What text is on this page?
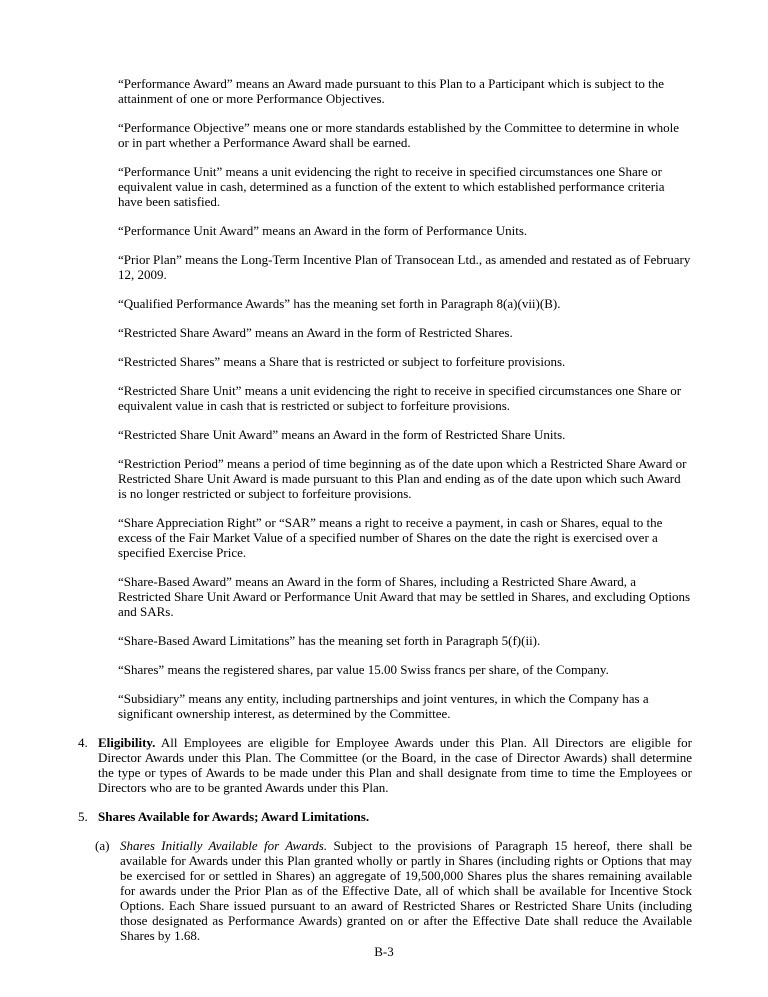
“Performance Award” means an Award made pursuant to this Plan to a Participant which is subject to the attainment of one or more Performance Objectives.

“Performance Objective” means one or more standards established by the Committee to determine in whole or in part whether a Performance Award shall be earned.

“Performance Unit” means a unit evidencing the right to receive in specified circumstances one Share or equivalent value in cash, determined as a function of the extent to which established performance criteria have been satisfied.

“Performance Unit Award” means an Award in the form of Performance Units.

“Prior Plan” means the Long-Term Incentive Plan of Transocean Ltd., as amended and restated as of February 12, 2009.

“Qualified Performance Awards” has the meaning set forth in Paragraph 8(a)(vii)(B).

“Restricted Share Award” means an Award in the form of Restricted Shares.

“Restricted Shares” means a Share that is restricted or subject to forfeiture provisions.

“Restricted Share Unit” means a unit evidencing the right to receive in specified circumstances one Share or equivalent value in cash that is restricted or subject to forfeiture provisions.

“Restricted Share Unit Award” means an Award in the form of Restricted Share Units.

“Restriction Period” means a period of time beginning as of the date upon which a Restricted Share Award or Restricted Share Unit Award is made pursuant to this Plan and ending as of the date upon which such Award is no longer restricted or subject to forfeiture provisions.

“Share Appreciation Right” or “SAR” means a right to receive a payment, in cash or Shares, equal to the excess of the Fair Market Value of a specified number of Shares on the date the right is exercised over a specified Exercise Price.

“Share-Based Award” means an Award in the form of Shares, including a Restricted Share Award, a Restricted Share Unit Award or Performance Unit Award that may be settled in Shares, and excluding Options and SARs.

“Share-Based Award Limitations” has the meaning set forth in Paragraph 5(f)(ii).

“Shares” means the registered shares, par value 15.00 Swiss francs per share, of the Company.

“Subsidiary” means any entity, including partnerships and joint ventures, in which the Company has a significant ownership interest, as determined by the Committee.

4. Eligibility. All Employees are eligible for Employee Awards under this Plan. All Directors are eligible for Director Awards under this Plan. The Committee (or the Board, in the case of Director Awards) shall determine the type or types of Awards to be made under this Plan and shall designate from time to time the Employees or Directors who are to be granted Awards under this Plan.
5. Shares Available for Awards; Award Limitations.
(a) Shares Initially Available for Awards. Subject to the provisions of Paragraph 15 hereof, there shall be available for Awards under this Plan granted wholly or partly in Shares (including rights or Options that may be exercised for or settled in Shares) an aggregate of 19,500,000 Shares plus the shares remaining available for awards under the Prior Plan as of the Effective Date, all of which shall be available for Incentive Stock Options. Each Share issued pursuant to an award of Restricted Shares or Restricted Share Units (including those designated as Performance Awards) granted on or after the Effective Date shall reduce the Available Shares by 1.68.
B-3
